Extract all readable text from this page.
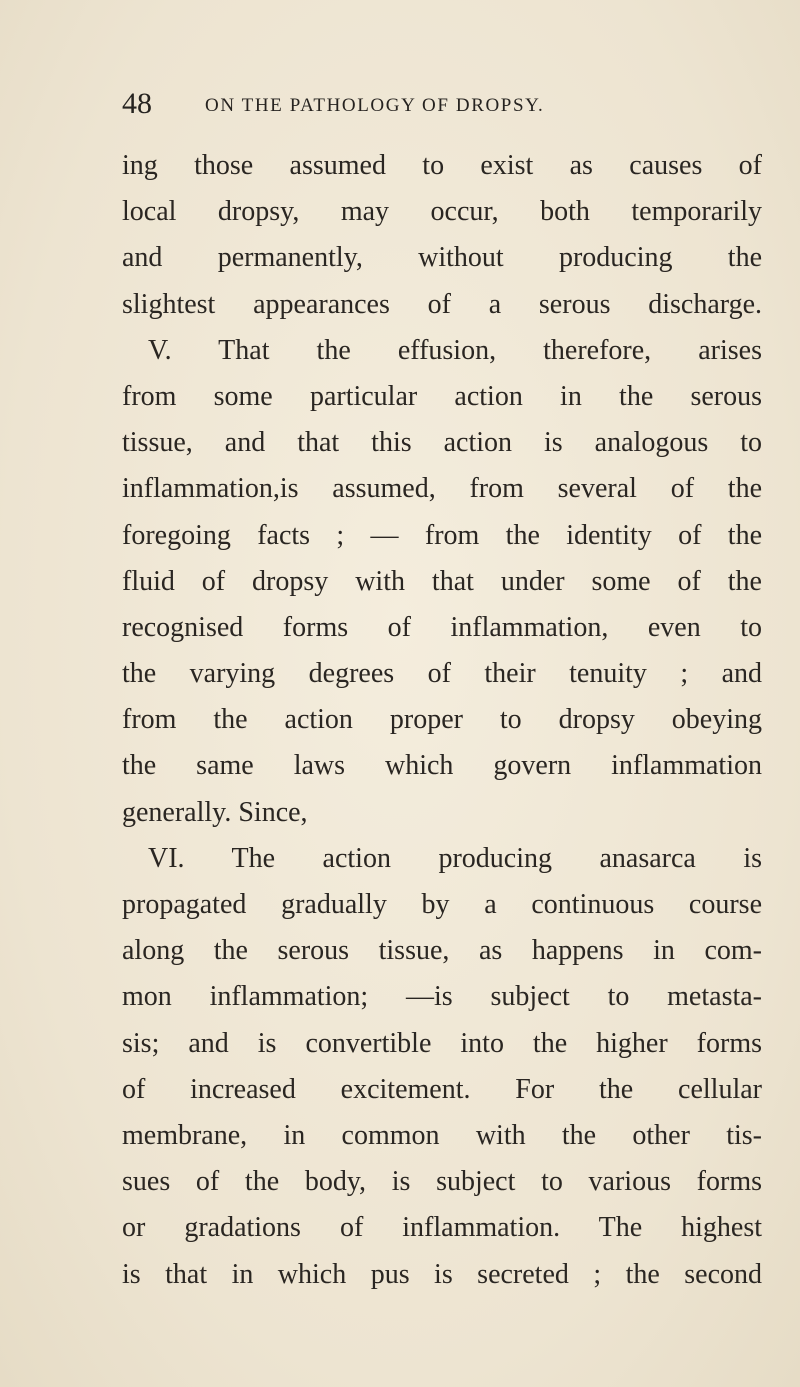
48	ON THE PATHOLOGY OF DROPSY.
ing those assumed to exist as causes of
local dropsy, may occur, both temporarily
and permanently, without producing the
slightest appearances of a serous discharge.
V. That the effusion, therefore, arises
from some particular action in the serous
tissue, and that this action is analogous to
inflammation,is assumed, from several of the
foregoing facts ; — from the identity of the
fluid of dropsy with that under some of the
recognised forms of inflammation, even to
the varying degrees of their tenuity ; and
from the action proper to dropsy obeying
the same laws which govern inflammation
generally. Since,
VI. The action producing anasarca is
propagated gradually by a continuous course
along the serous tissue, as happens in com-
mon inflammation; —is subject to metasta-
sis; and is convertible into the higher forms
of increased excitement. For the cellular
membrane, in common with the other tis-
sues of the body, is subject to various forms
or gradations of inflammation. The highest
is that in which pus is secreted ; the second
